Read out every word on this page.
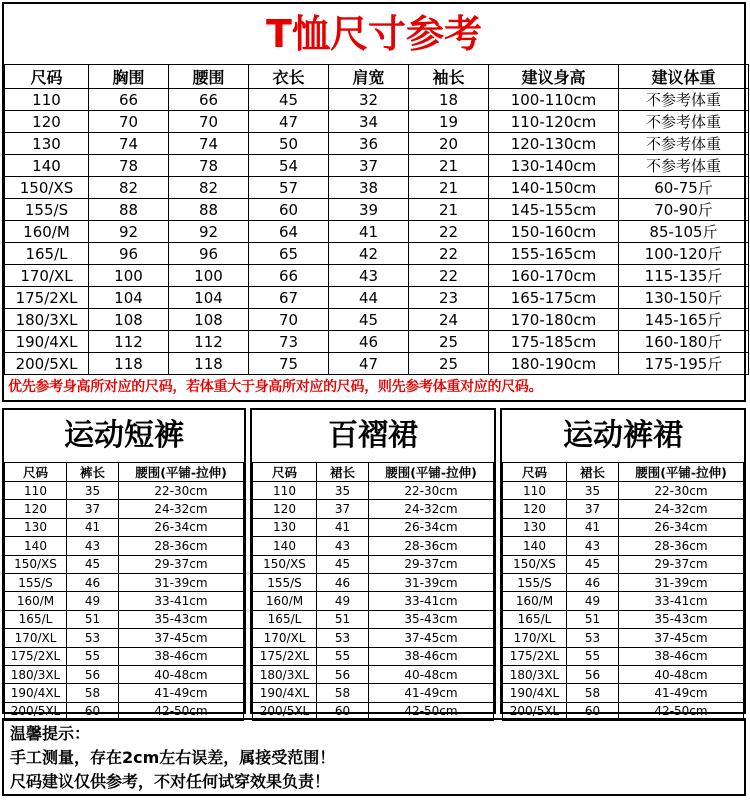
T恤尺寸参考
尺码	胸围	腰围	衣长	肩宽	袖长	建议身高	建议体重
110	66	66	45	32	18	100-110cm	不参考体重
120	70	70	47	34	19	110-120cm	不参考体重
130	74	74	50	36	20	120-130cm	不参考体重
140	78	78	54	37	21	130-140cm	不参考体重
150/XS	82	82	57	38	21	140-150cm	60-75斤
155/S	88	88	60	39	21	145-155cm	70-90斤
160/M	92	92	64	41	22	150-160cm	85-105斤
165/L	96	96	65	42	22	155-165cm	100-120斤
170/XL	100	100	66	43	22	160-170cm	115-135斤
175/2XL	104	104	67	44	23	165-175cm	130-150斤
180/3XL	108	108	70	45	24	170-180cm	145-165斤
190/4XL	112	112	73	46	25	175-185cm	160-180斤
200/5XL	118	118	75	47	25	180-190cm	175-195斤
优先参考身高所对应的尺码，若体重大于身高所对应的尺码，则先参考体重对应的尺码。
运动短裤
尺码	裤长	腰围(平铺-拉伸)
110	35	22-30cm
120	37	24-32cm
130	41	26-34cm
140	43	28-36cm
150/XS	45	29-37cm
155/S	46	31-39cm
160/M	49	33-41cm
165/L	51	35-43cm
170/XL	53	37-45cm
175/2XL	55	38-46cm
180/3XL	56	40-48cm
190/4XL	58	41-49cm
200/5XL	60	42-50cm
百褶裙
尺码	裙长	腰围(平铺-拉伸)
110	35	22-30cm
120	37	24-32cm
130	41	26-34cm
140	43	28-36cm
150/XS	45	29-37cm
155/S	46	31-39cm
160/M	49	33-41cm
165/L	51	35-43cm
170/XL	53	37-45cm
175/2XL	55	38-46cm
180/3XL	56	40-48cm
190/4XL	58	41-49cm
200/5XL	60	42-50cm
运动裤裙
尺码	裙长	腰围(平铺-拉伸)
110	35	22-30cm
120	37	24-32cm
130	41	26-34cm
140	43	28-36cm
150/XS	45	29-37cm
155/S	46	31-39cm
160/M	49	33-41cm
165/L	51	35-43cm
170/XL	53	37-45cm
175/2XL	55	38-46cm
180/3XL	56	40-48cm
190/4XL	58	41-49cm
200/5XL	60	42-50cm
温馨提示：
手工测量，存在2cm左右误差，属接受范围！
尺码建议仅供参考，不对任何试穿效果负责！
